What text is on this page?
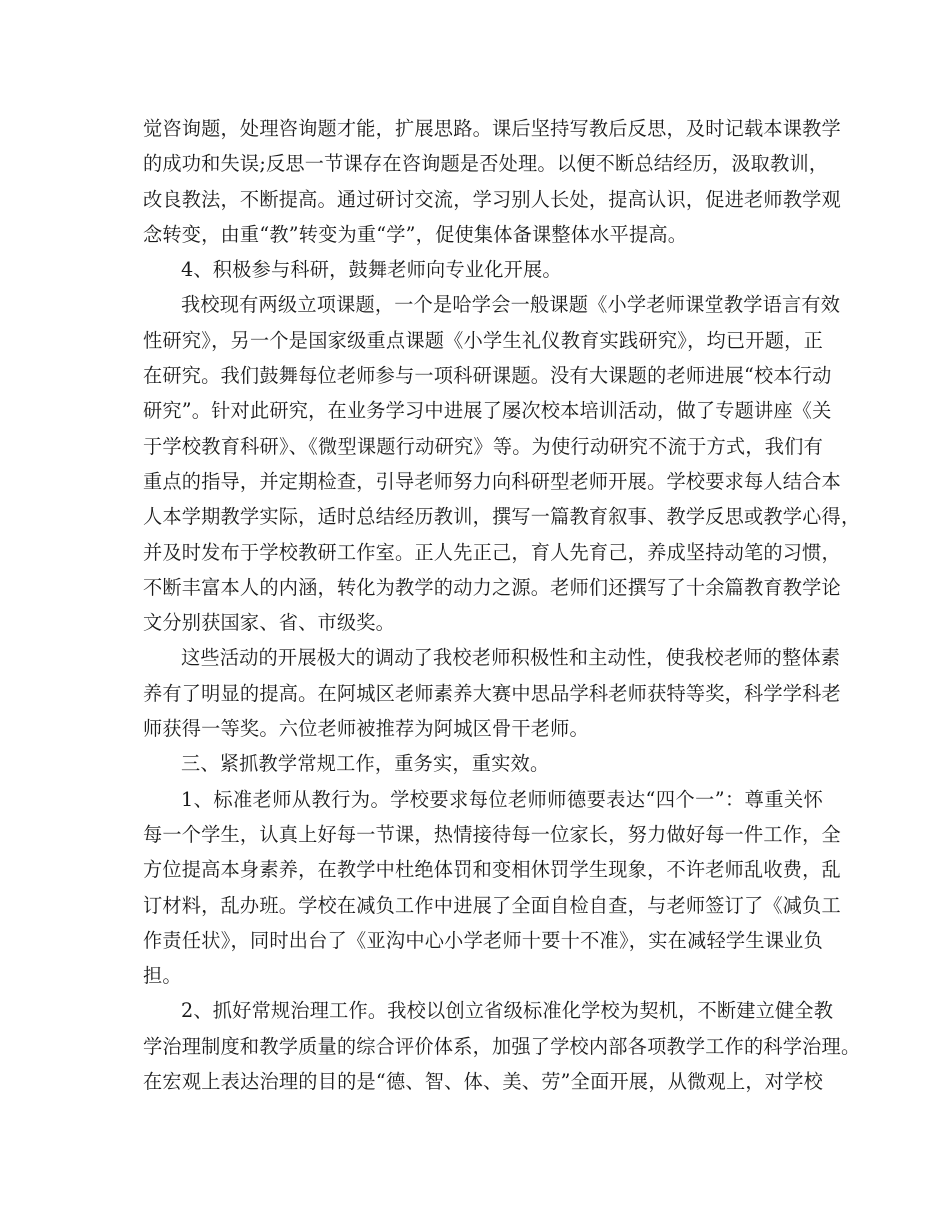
觉咨询题，处理咨询题才能，扩展思路。课后坚持写教后反思，及时记载本课教学
的成功和失误;反思一节课存在咨询题是否处理。以便不断总结经历，汲取教训，
改良教法，不断提高。通过研讨交流，学习别人长处，提高认识，促进老师教学观
念转变，由重“教”转变为重“学”，促使集体备课整体水平提高。
4、积极参与科研，鼓舞老师向专业化开展。
我校现有两级立项课题，一个是哈学会一般课题《小学老师课堂教学语言有效
性研究》，另一个是国家级重点课题《小学生礼仪教育实践研究》，均已开题，正
在研究。我们鼓舞每位老师参与一项科研课题。没有大课题的老师进展“校本行动
研究”。针对此研究，在业务学习中进展了屡次校本培训活动，做了专题讲座《关
于学校教育科研》、《微型课题行动研究》等。为使行动研究不流于方式，我们有
重点的指导，并定期检查，引导老师努力向科研型老师开展。学校要求每人结合本
人本学期教学实际，适时总结经历教训，撰写一篇教育叙事、教学反思或教学心得，
并及时发布于学校教研工作室。正人先正己，育人先育己，养成坚持动笔的习惯，
不断丰富本人的内涵，转化为教学的动力之源。老师们还撰写了十余篇教育教学论
文分别获国家、省、市级奖。
这些活动的开展极大的调动了我校老师积极性和主动性，使我校老师的整体素
养有了明显的提高。在阿城区老师素养大赛中思品学科老师获特等奖，科学学科老
师获得一等奖。六位老师被推荐为阿城区骨干老师。
三、紧抓教学常规工作，重务实，重实效。
1、标准老师从教行为。学校要求每位老师师德要表达“四个一”：尊重关怀
每一个学生，认真上好每一节课，热情接待每一位家长，努力做好每一件工作，全
方位提高本身素养，在教学中杜绝体罚和变相休罚学生现象，不许老师乱收费，乱
订材料，乱办班。学校在减负工作中进展了全面自检自查，与老师签订了《减负工
作责任状》，同时出台了《亚沟中心小学老师十要十不准》，实在减轻学生课业负
担。
2、抓好常规治理工作。我校以创立省级标准化学校为契机，不断建立健全教
学治理制度和教学质量的综合评价体系，加强了学校内部各项教学工作的科学治理。
在宏观上表达治理的目的是“德、智、体、美、劳”全面开展，从微观上，对学校
